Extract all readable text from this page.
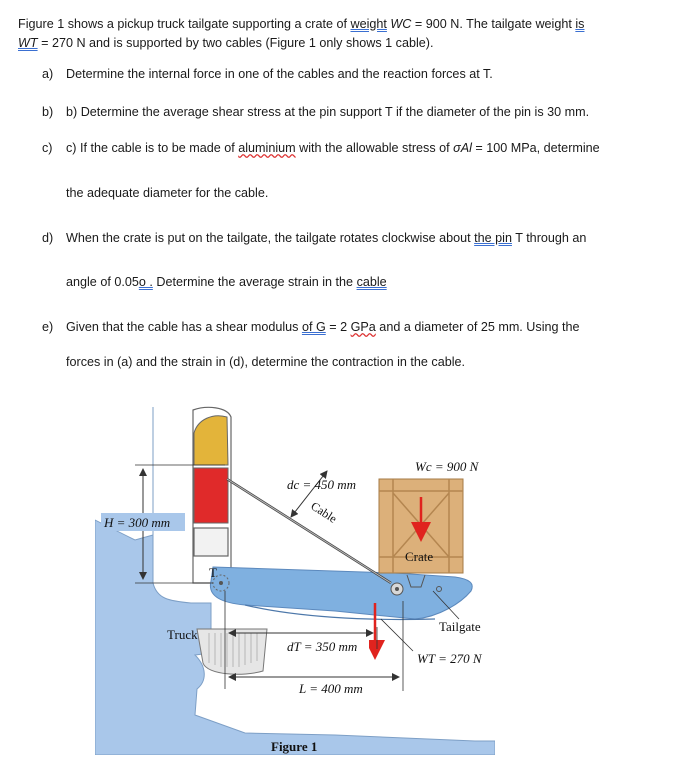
Figure 1 shows a pickup truck tailgate supporting a crate of weight WC = 900 N. The tailgate weight is
WT = 270 N and is supported by two cables (Figure 1 only shows 1 cable).
a) Determine the internal force in one of the cables and the reaction forces at T.
b) b) Determine the average shear stress at the pin support T if the diameter of the pin is 30 mm.
c) c) If the cable is to be made of aluminium with the allowable stress of σAl = 100 MPa, determine
the adequate diameter for the cable.
d) When the crate is put on the tailgate, the tailgate rotates clockwise about the pin T through an
angle of 0.05o . Determine the average strain in the cable
e) Given that the cable has a shear modulus of G = 2 GPa and a diameter of 25 mm. Using the
forces in (a) and the strain in (d), determine the contraction in the cable.
T
Crate
Cable
dc = 450 mm
Wc = 900 N
H = 300 mm
Truck
Tailgate
WT = 270 N
dT = 350 mm
L = 400 mm
Figure 1
